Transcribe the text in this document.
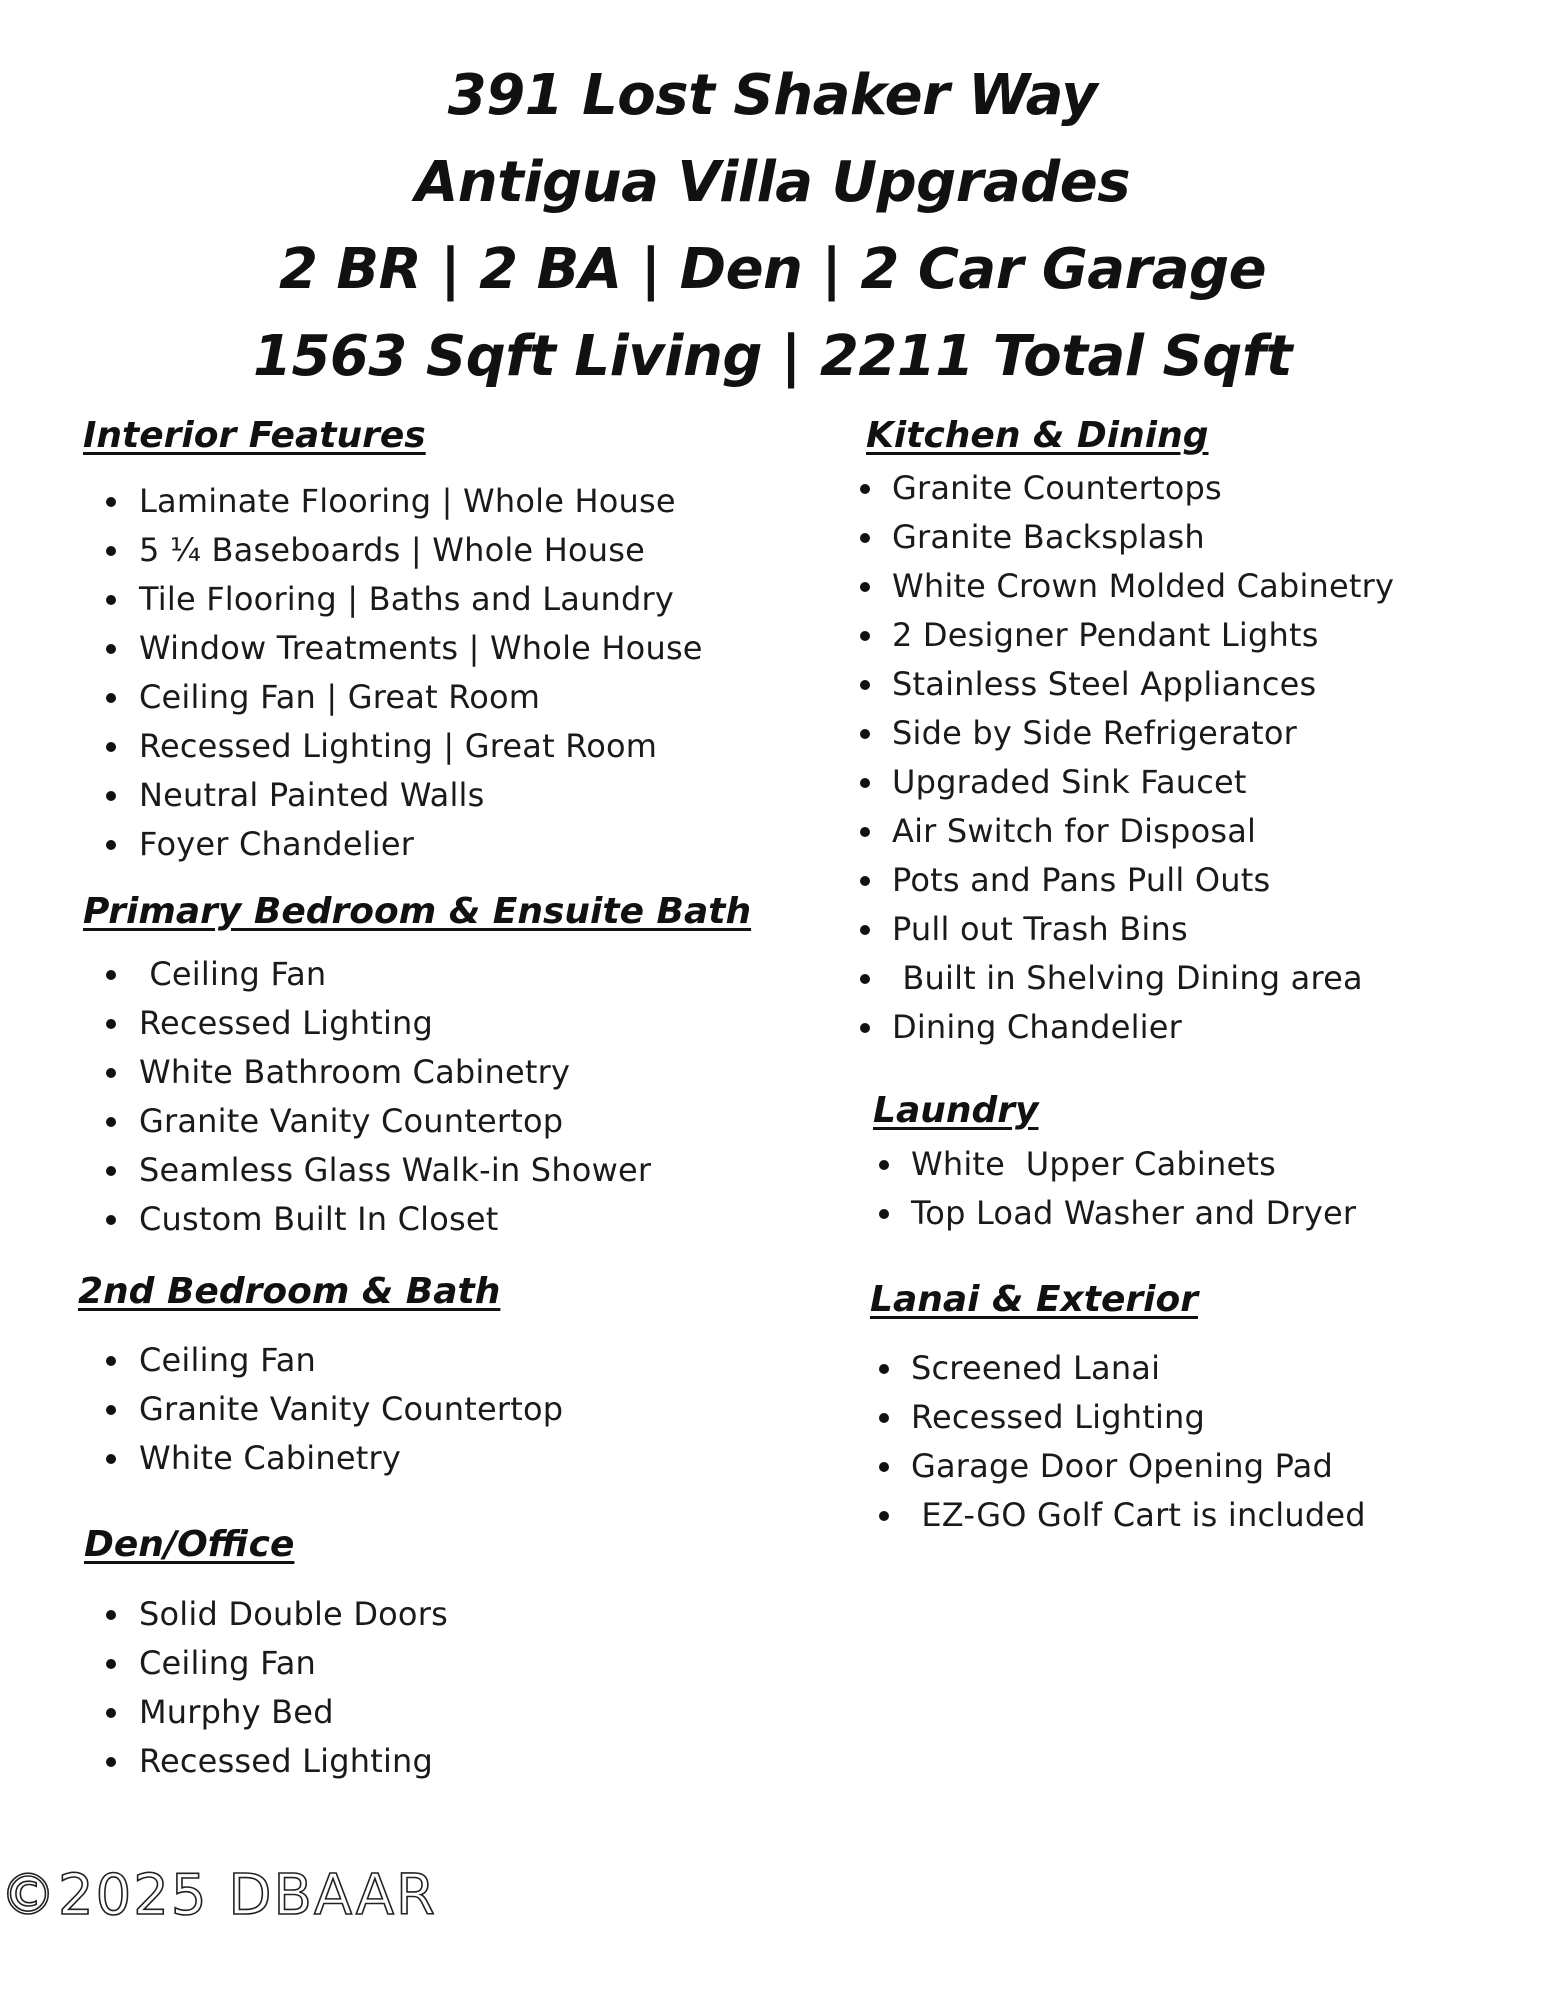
391 Lost Shaker Way
Antigua Villa Upgrades
2 BR | 2 BA | Den | 2 Car Garage
1563 Sqft Living | 2211 Total Sqft
Interior Features
Laminate Flooring | Whole House
5 ¼ Baseboards | Whole House
Tile Flooring | Baths and Laundry
Window Treatments | Whole House
Ceiling Fan | Great Room
Recessed Lighting | Great Room
Neutral Painted Walls
Foyer Chandelier
Primary Bedroom & Ensuite Bath
Ceiling Fan
Recessed Lighting
White Bathroom Cabinetry
Granite Vanity Countertop
Seamless Glass Walk-in Shower
Custom Built In Closet
2nd Bedroom & Bath
Ceiling Fan
Granite Vanity Countertop
White Cabinetry
Den/Office
Solid Double Doors
Ceiling Fan
Murphy Bed
Recessed Lighting
Kitchen & Dining
Granite Countertops
Granite Backsplash
White Crown Molded Cabinetry
2 Designer Pendant Lights
Stainless Steel Appliances
Side by Side Refrigerator
Upgraded Sink Faucet
Air Switch for Disposal
Pots and Pans Pull Outs
Pull out Trash Bins
Built in Shelving Dining area
Dining Chandelier
Laundry
White  Upper Cabinets
Top Load Washer and Dryer
Lanai & Exterior
Screened Lanai
Recessed Lighting
Garage Door Opening Pad
EZ-GO Golf Cart is included
©2025 DBAAR
